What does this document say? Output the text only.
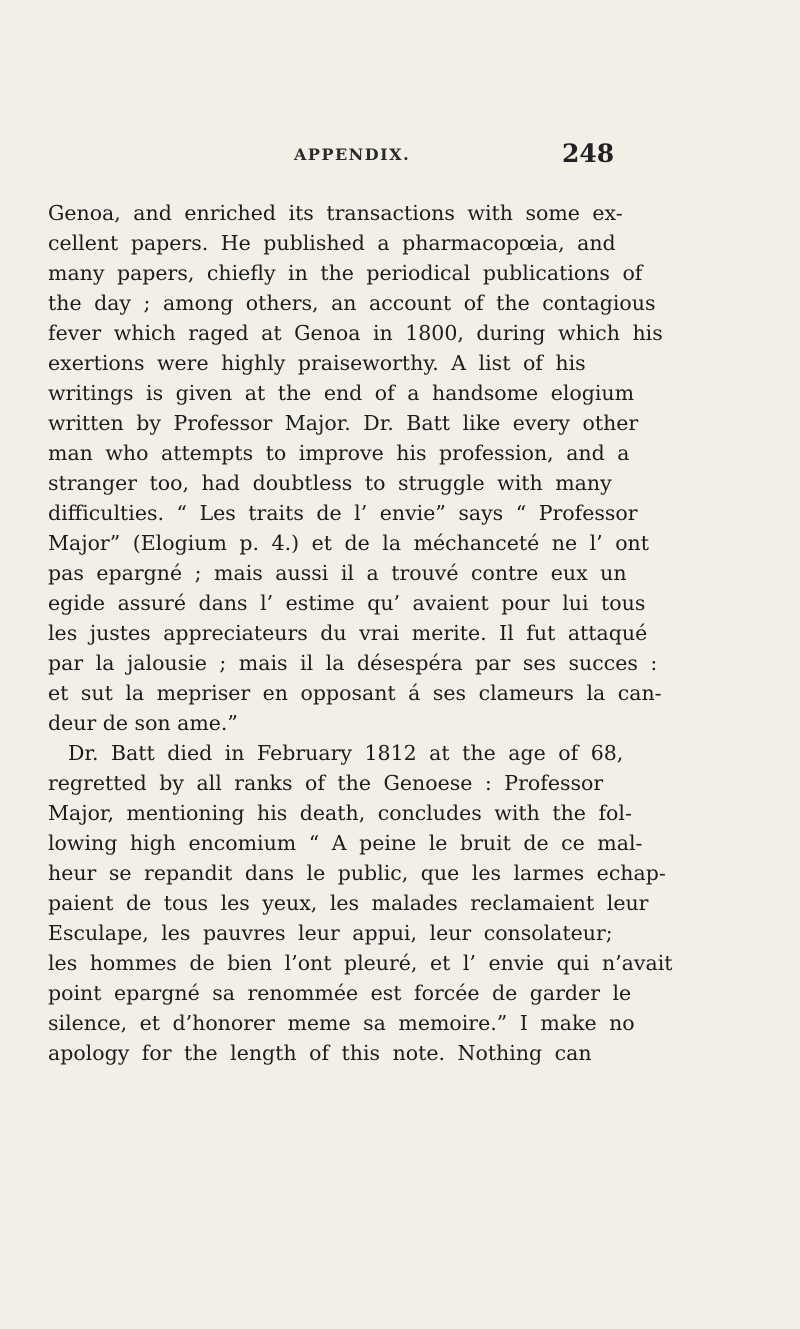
APPENDIX.	248
Genoa, and enriched its transactions with some ex-
cellent papers. He published a pharmacopœia, and
many papers, chiefly in the periodical publications of
the day ; among others, an account of the contagious
fever which raged at Genoa in 1800, during which his
exertions were highly praiseworthy. A list of his
writings is given at the end of a handsome elogium
written by Professor Major. Dr. Batt like every other
man who attempts to improve his profession, and a
stranger too, had doubtless to struggle with many
difficulties. “ Les traits de l’ envie” says “ Professor
Major” (Elogium p. 4.) et de la méchanceté ne l’ ont
pas epargné ; mais aussi il a trouvé contre eux un
egide assuré dans l’ estime qu’ avaient pour lui tous
les justes appreciateurs du vrai merite. Il fut attaqué
par la jalousie ; mais il la désespéra par ses succes :
et sut la mepriser en opposant á ses clameurs la can-
deur de son ame.”
Dr. Batt died in February 1812 at the age of 68,
regretted by all ranks of the Genoese : Professor
Major, mentioning his death, concludes with the fol-
lowing high encomium “ A peine le bruit de ce mal-
heur se repandit dans le public, que les larmes echap-
paient de tous les yeux, les malades reclamaient leur
Esculape, les pauvres leur appui, leur consolateur;
les hommes de bien l’ont pleuré, et l’ envie qui n’avait
point epargné sa renommée est forcée de garder le
silence, et d’honorer meme sa memoire.” I make no
apology for the length of this note. Nothing can
